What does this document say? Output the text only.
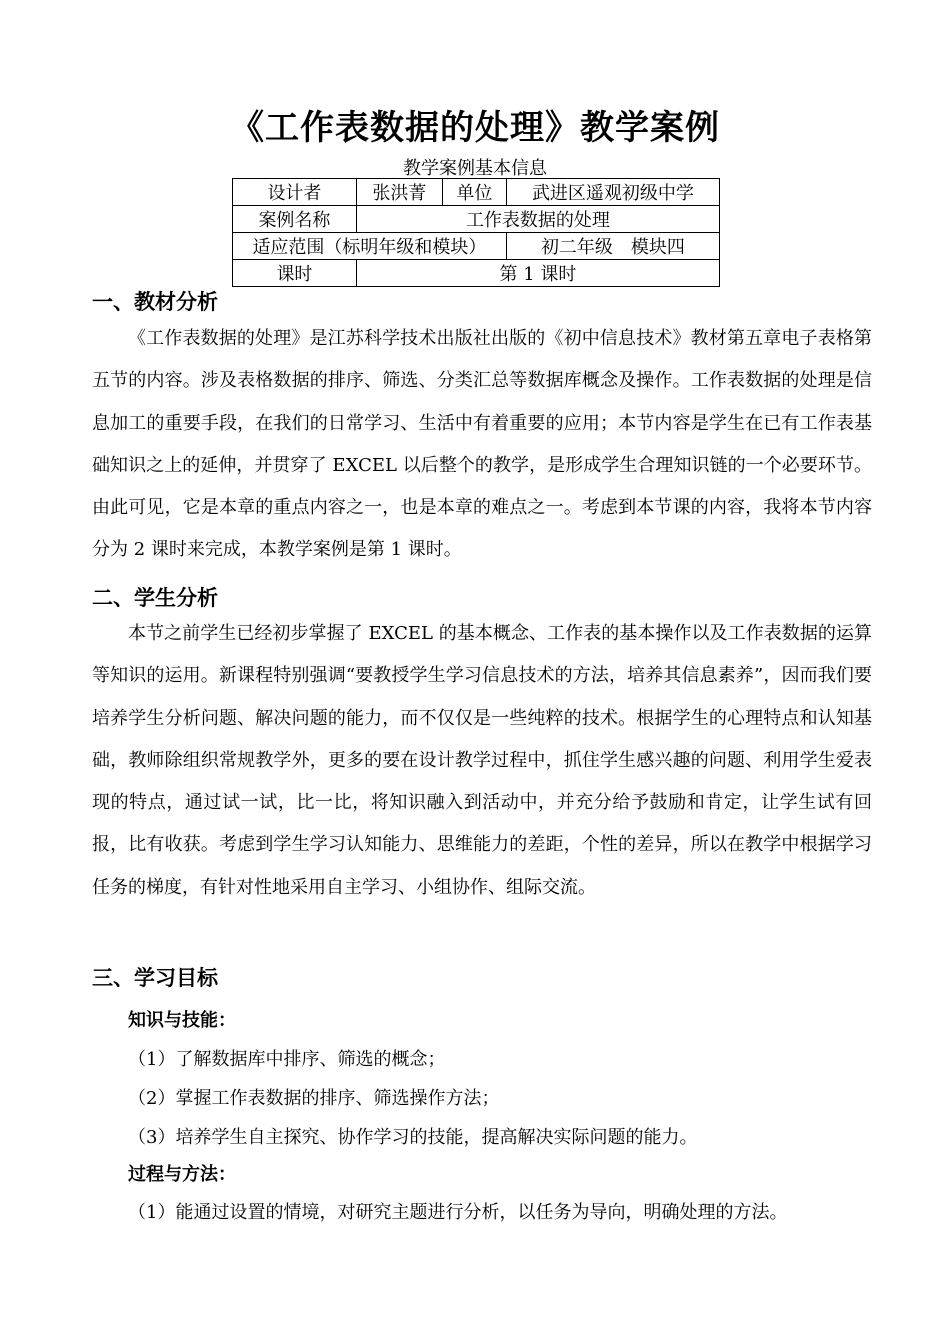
《工作表数据的处理》教学案例
教学案例基本信息
设计者	张洪菁	单位	武进区遥观初级中学
案例名称	工作表数据的处理		
适应范围（标明年级和模块）			初二年级　模块四
课时	第 1 课时		
一、教材分析
《工作表数据的处理》是江苏科学技术出版社出版的《初中信息技术》教材第五章电子表格第五节的内容。涉及表格数据的排序、筛选、分类汇总等数据库概念及操作。工作表数据的处理是信息加工的重要手段，在我们的日常学习、生活中有着重要的应用；本节内容是学生在已有工作表基础知识之上的延伸，并贯穿了 EXCEL 以后整个的教学，是形成学生合理知识链的一个必要环节。由此可见，它是本章的重点内容之一，也是本章的难点之一。考虑到本节课的内容，我将本节内容分为 2 课时来完成，本教学案例是第 1 课时。
二、学生分析
本节之前学生已经初步掌握了 EXCEL 的基本概念、工作表的基本操作以及工作表数据的运算等知识的运用。新课程特别强调“要教授学生学习信息技术的方法，培养其信息素养”，因而我们要培养学生分析问题、解决问题的能力，而不仅仅是一些纯粹的技术。根据学生的心理特点和认知基础，教师除组织常规教学外，更多的要在设计教学过程中，抓住学生感兴趣的问题、利用学生爱表现的特点，通过试一试，比一比，将知识融入到活动中，并充分给予鼓励和肯定，让学生试有回报，比有收获。考虑到学生学习认知能力、思维能力的差距，个性的差异，所以在教学中根据学习任务的梯度，有针对性地采用自主学习、小组协作、组际交流。
三、学习目标
知识与技能：
（1）了解数据库中排序、筛选的概念；
（2）掌握工作表数据的排序、筛选操作方法；
（3）培养学生自主探究、协作学习的技能，提高解决实际问题的能力。
过程与方法：
（1）能通过设置的情境，对研究主题进行分析，以任务为导向，明确处理的方法。
